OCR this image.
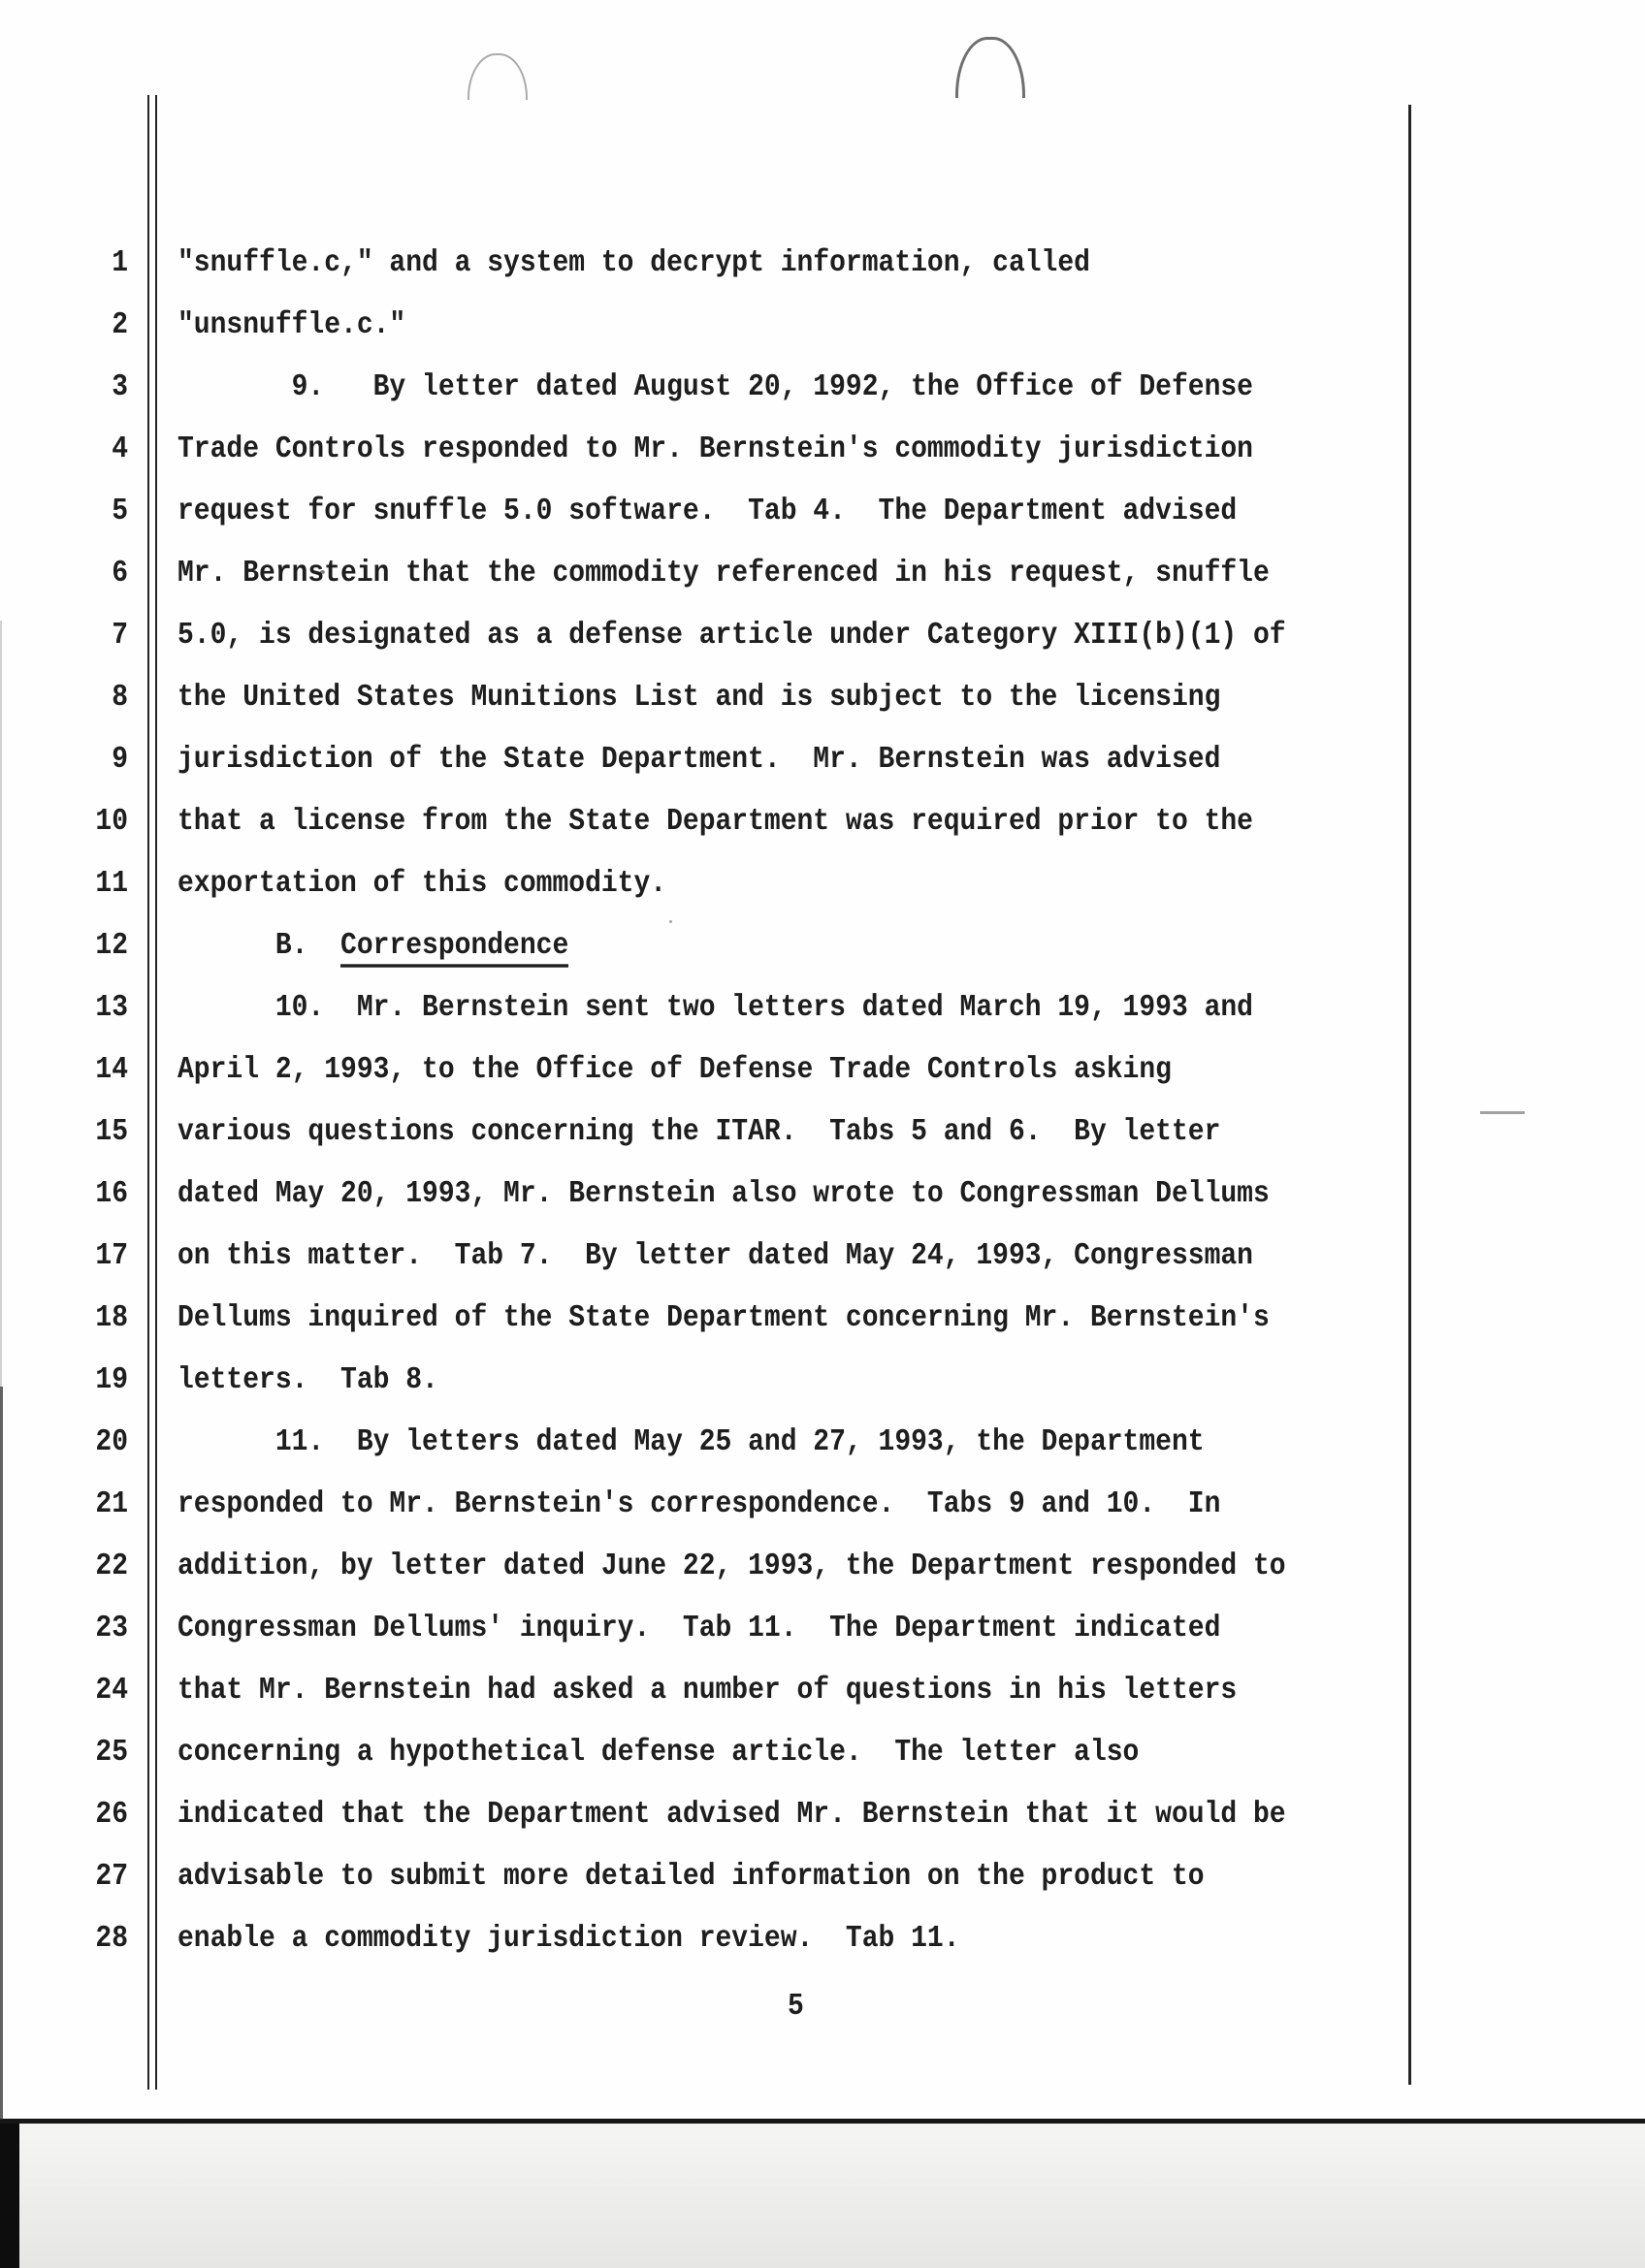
1 "snuffle.c," and a system to decrypt information, called
2 "unsnuffle.c."
3 9.   By letter dated August 20, 1992, the Office of Defense
4 Trade Controls responded to Mr. Bernstein's commodity jurisdiction
5 request for snuffle 5.0 software.  Tab 4.  The Department advised
6 Mr. Bernstein that the commodity referenced in his request, snuffle
7 5.0, is designated as a defense article under Category XIII(b)(1) of
8 the United States Munitions List and is subject to the licensing
9 jurisdiction of the State Department.  Mr. Bernstein was advised
10 that a license from the State Department was required prior to the
11 exportation of this commodity.
12 B.  Correspondence
13 10.  Mr. Bernstein sent two letters dated March 19, 1993 and
14 April 2, 1993, to the Office of Defense Trade Controls asking
15 various questions concerning the ITAR.  Tabs 5 and 6.  By letter
16 dated May 20, 1993, Mr. Bernstein also wrote to Congressman Dellums
17 on this matter.  Tab 7.  By letter dated May 24, 1993, Congressman
18 Dellums inquired of the State Department concerning Mr. Bernstein's
19 letters.  Tab 8.
20 11.  By letters dated May 25 and 27, 1993, the Department
21 responded to Mr. Bernstein's correspondence.  Tabs 9 and 10.  In
22 addition, by letter dated June 22, 1993, the Department responded to
23 Congressman Dellums' inquiry.  Tab 11.  The Department indicated
24 that Mr. Bernstein had asked a number of questions in his letters
25 concerning a hypothetical defense article.  The letter also
26 indicated that the Department advised Mr. Bernstein that it would be
27 advisable to submit more detailed information on the product to
28 enable a commodity jurisdiction review.  Tab 11.
5
